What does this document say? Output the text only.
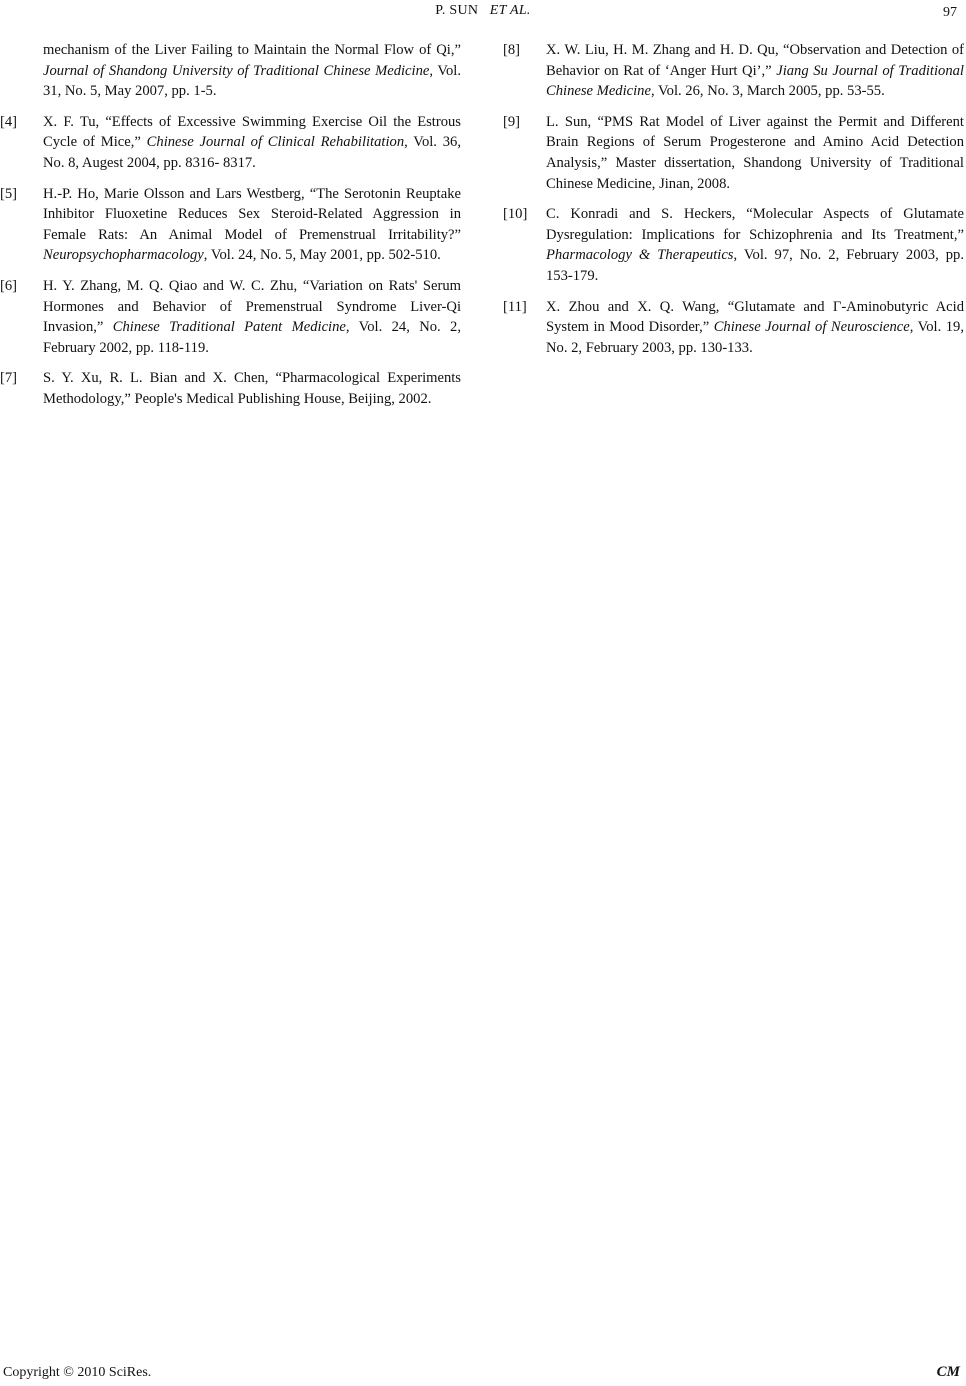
P. SUN ET AL.	97
mechanism of the Liver Failing to Maintain the Normal Flow of Qi,” Journal of Shandong University of Traditional Chinese Medicine, Vol. 31, No. 5, May 2007, pp. 1-5.
[4]	X. F. Tu, “Effects of Excessive Swimming Exercise Oil the Estrous Cycle of Mice,” Chinese Journal of Clinical Rehabilitation, Vol. 36, No. 8, Augest 2004, pp. 8316- 8317.
[5]	H.-P. Ho, Marie Olsson and Lars Westberg, “The Serotonin Reuptake Inhibitor Fluoxetine Reduces Sex Steroid-Related Aggression in Female Rats: An Animal Model of Premenstrual Irritability?” Neuropsychopharmacology, Vol. 24, No. 5, May 2001, pp. 502-510.
[6]	H. Y. Zhang, M. Q. Qiao and W. C. Zhu, “Variation on Rats' Serum Hormones and Behavior of Premenstrual Syndrome Liver-Qi Invasion,” Chinese Traditional Patent Medicine, Vol. 24, No. 2, February 2002, pp. 118-119.
[7]	S. Y. Xu, R. L. Bian and X. Chen, “Pharmacological Experiments Methodology,” People's Medical Publishing House, Beijing, 2002.
[8]	X. W. Liu, H. M. Zhang and H. D. Qu, “Observation and Detection of Behavior on Rat of ‘Anger Hurt Qi’,” Jiang Su Journal of Traditional Chinese Medicine, Vol. 26, No. 3, March 2005, pp. 53-55.
[9]	L. Sun, “PMS Rat Model of Liver against the Permit and Different Brain Regions of Serum Progesterone and Amino Acid Detection Analysis,” Master dissertation, Shandong University of Traditional Chinese Medicine, Jinan, 2008.
[10]	C. Konradi and S. Heckers, “Molecular Aspects of Glutamate Dysregulation: Implications for Schizophrenia and Its Treatment,” Pharmacology & Therapeutics, Vol. 97, No. 2, February 2003, pp. 153-179.
[11]	X. Zhou and X. Q. Wang, “Glutamate and Γ-Aminobutyric Acid System in Mood Disorder,” Chinese Journal of Neuroscience, Vol. 19, No. 2, February 2003, pp. 130-133.
Copyright © 2010 SciRes.	CM
